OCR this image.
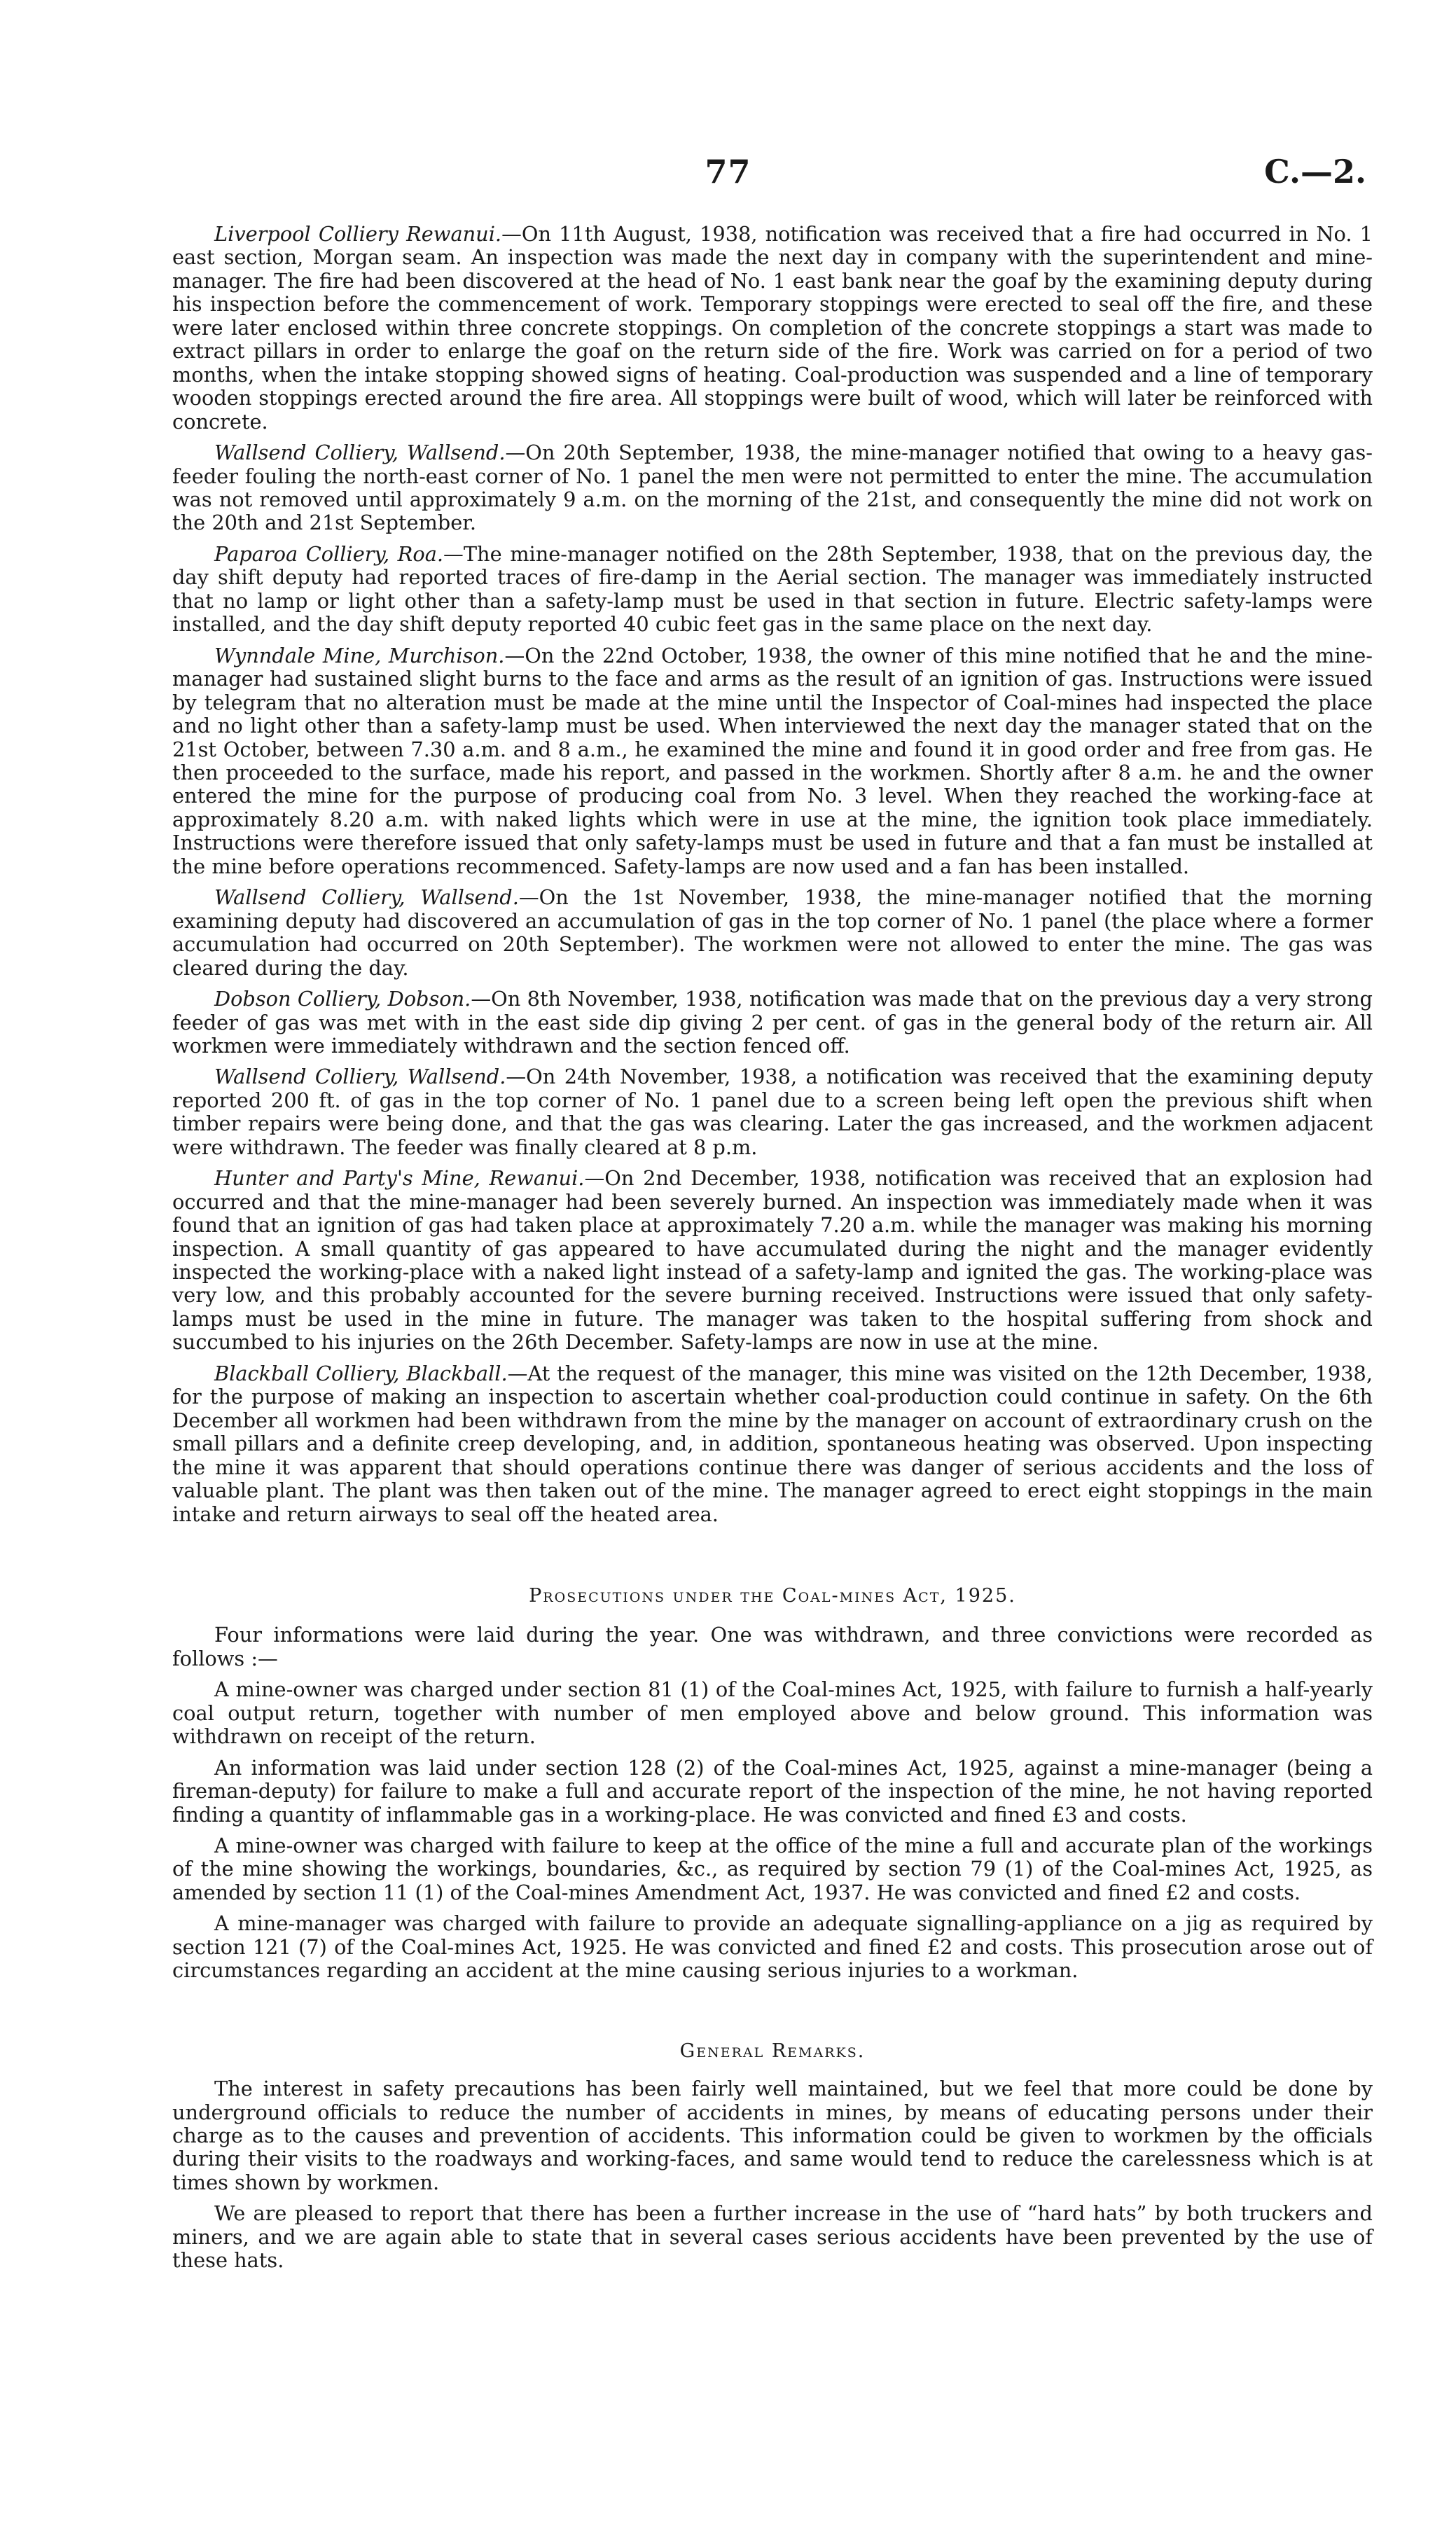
77	C.—2.

Liverpool Colliery Rewanui.—On 11th August, 1938, notification was received that a fire had occurred in No. 1 east section, Morgan seam. An inspection was made the next day in company with the superintendent and mine-manager. The fire had been discovered at the head of No. 1 east bank near the goaf by the examining deputy during his inspection before the commencement of work. Temporary stoppings were erected to seal off the fire, and these were later enclosed within three concrete stoppings. On completion of the concrete stoppings a start was made to extract pillars in order to enlarge the goaf on the return side of the fire. Work was carried on for a period of two months, when the intake stopping showed signs of heating. Coal-production was suspended and a line of temporary wooden stoppings erected around the fire area. All stoppings were built of wood, which will later be reinforced with concrete.

Wallsend Colliery, Wallsend.—On 20th September, 1938, the mine-manager notified that owing to a heavy gas-feeder fouling the north-east corner of No. 1 panel the men were not permitted to enter the mine. The accumulation was not removed until approximately 9 a.m. on the morning of the 21st, and consequently the mine did not work on the 20th and 21st September.

Paparoa Colliery, Roa.—The mine-manager notified on the 28th September, 1938, that on the previous day, the day shift deputy had reported traces of fire-damp in the Aerial section. The manager was immediately instructed that no lamp or light other than a safety-lamp must be used in that section in future. Electric safety-lamps were installed, and the day shift deputy reported 40 cubic feet gas in the same place on the next day.

Wynndale Mine, Murchison.—On the 22nd October, 1938, the owner of this mine notified that he and the mine-manager had sustained slight burns to the face and arms as the result of an ignition of gas. Instructions were issued by telegram that no alteration must be made at the mine until the Inspector of Coal-mines had inspected the place and no light other than a safety-lamp must be used. When interviewed the next day the manager stated that on the 21st October, between 7.30 a.m. and 8 a.m., he examined the mine and found it in good order and free from gas. He then proceeded to the surface, made his report, and passed in the workmen. Shortly after 8 a.m. he and the owner entered the mine for the purpose of producing coal from No. 3 level. When they reached the working-face at approximately 8.20 a.m. with naked lights which were in use at the mine, the ignition took place immediately. Instructions were therefore issued that only safety-lamps must be used in future and that a fan must be installed at the mine before operations recommenced. Safety-lamps are now used and a fan has been installed.

Wallsend Colliery, Wallsend.—On the 1st November, 1938, the mine-manager notified that the morning examining deputy had discovered an accumulation of gas in the top corner of No. 1 panel (the place where a former accumulation had occurred on 20th September). The workmen were not allowed to enter the mine. The gas was cleared during the day.

Dobson Colliery, Dobson.—On 8th November, 1938, notification was made that on the previous day a very strong feeder of gas was met with in the east side dip giving 2 per cent. of gas in the general body of the return air. All workmen were immediately withdrawn and the section fenced off.

Wallsend Colliery, Wallsend.—On 24th November, 1938, a notification was received that the examining deputy reported 200 ft. of gas in the top corner of No. 1 panel due to a screen being left open the previous shift when timber repairs were being done, and that the gas was clearing. Later the gas increased, and the workmen adjacent were withdrawn. The feeder was finally cleared at 8 p.m.

Hunter and Party's Mine, Rewanui.—On 2nd December, 1938, notification was received that an explosion had occurred and that the mine-manager had been severely burned. An inspection was immediately made when it was found that an ignition of gas had taken place at approximately 7.20 a.m. while the manager was making his morning inspection. A small quantity of gas appeared to have accumulated during the night and the manager evidently inspected the working-place with a naked light instead of a safety-lamp and ignited the gas. The working-place was very low, and this probably accounted for the severe burning received. Instructions were issued that only safety-lamps must be used in the mine in future. The manager was taken to the hospital suffering from shock and succumbed to his injuries on the 26th December. Safety-lamps are now in use at the mine.

Blackball Colliery, Blackball.—At the request of the manager, this mine was visited on the 12th December, 1938, for the purpose of making an inspection to ascertain whether coal-production could continue in safety. On the 6th December all workmen had been withdrawn from the mine by the manager on account of extraordinary crush on the small pillars and a definite creep developing, and, in addition, spontaneous heating was observed. Upon inspecting the mine it was apparent that should operations continue there was danger of serious accidents and the loss of valuable plant. The plant was then taken out of the mine. The manager agreed to erect eight stoppings in the main intake and return airways to seal off the heated area.

Prosecutions under the Coal-mines Act, 1925.

Four informations were laid during the year. One was withdrawn, and three convictions were recorded as follows :—

A mine-owner was charged under section 81 (1) of the Coal-mines Act, 1925, with failure to furnish a half-yearly coal output return, together with number of men employed above and below ground. This information was withdrawn on receipt of the return.

An information was laid under section 128 (2) of the Coal-mines Act, 1925, against a mine-manager (being a fireman-deputy) for failure to make a full and accurate report of the inspection of the mine, he not having reported finding a quantity of inflammable gas in a working-place. He was convicted and fined £3 and costs.

A mine-owner was charged with failure to keep at the office of the mine a full and accurate plan of the workings of the mine showing the workings, boundaries, &c., as required by section 79 (1) of the Coal-mines Act, 1925, as amended by section 11 (1) of the Coal-mines Amendment Act, 1937. He was convicted and fined £2 and costs.

A mine-manager was charged with failure to provide an adequate signalling-appliance on a jig as required by section 121 (7) of the Coal-mines Act, 1925. He was convicted and fined £2 and costs. This prosecution arose out of circumstances regarding an accident at the mine causing serious injuries to a workman.

General Remarks.

The interest in safety precautions has been fairly well maintained, but we feel that more could be done by underground officials to reduce the number of accidents in mines, by means of educating persons under their charge as to the causes and prevention of accidents. This information could be given to workmen by the officials during their visits to the roadways and working-faces, and same would tend to reduce the carelessness which is at times shown by workmen.

We are pleased to report that there has been a further increase in the use of “hard hats” by both truckers and miners, and we are again able to state that in several cases serious accidents have been prevented by the use of these hats.
